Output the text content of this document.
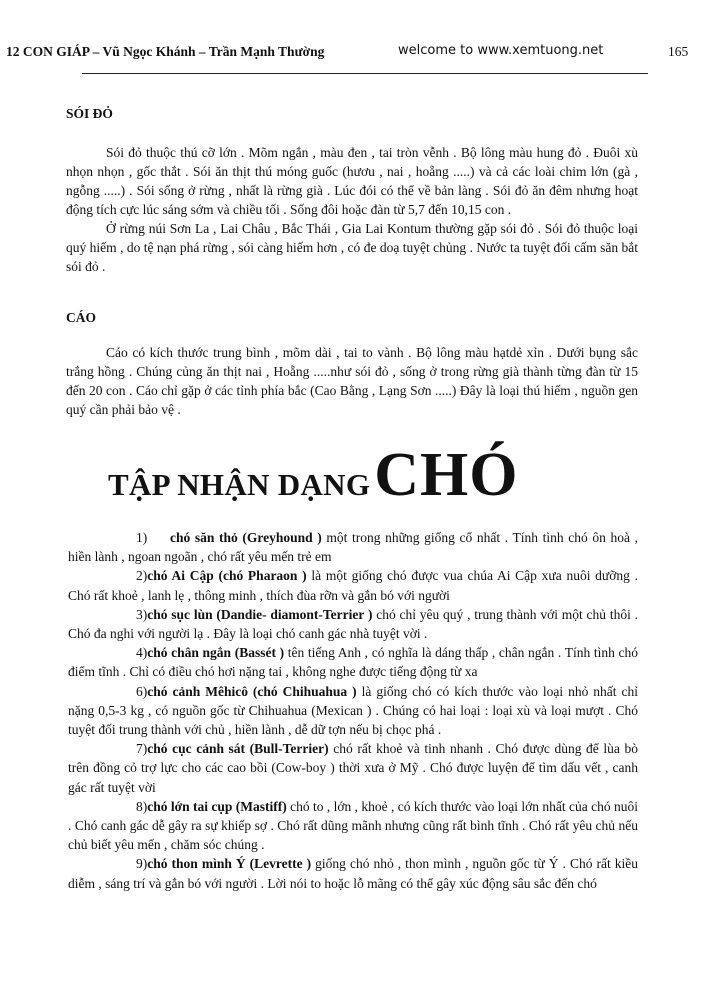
12 CON GIÁP – Vũ Ngọc Khánh – Trần Mạnh Thường	welcome to www.xemtuong.net	165

SÓI ĐỎ

Sói đỏ thuộc thú cỡ lớn . Mõm ngắn , màu đen , tai tròn vễnh . Bộ lông màu hung đỏ . Đuôi xù nhọn nhọn , gốc thắt . Sói ăn thịt thú móng guốc (hươu , nai , hoẵng .....) và cả các loài chim lớn (gà , ngỗng .....) . Sói sống ở rừng , nhất là rừng già . Lúc đói có thể về bản làng . Sói đỏ ăn đêm nhưng hoạt động tích cực lúc sáng sớm và chiều tối . Sống đôi hoặc đàn từ 5,7 đến 10,15 con .

Ở rừng núi Sơn La , Lai Châu , Bắc Thái , Gia Lai Kontum thường gặp sói đỏ . Sói đỏ thuộc loại quý hiếm , do tệ nạn phá rừng , sói càng hiếm hơn , có đe doạ tuyệt chủng . Nước ta tuyệt đối cấm săn bắt sói đỏ .

CÁO

Cáo có kích thước trung bình , mõm dài , tai to vành . Bộ lông màu hạtdẻ xỉn . Dưới bụng sắc trắng hồng . Chúng củng ăn thịt nai , Hoẵng .....như sói đỏ , sống ở trong rừng già thành từng đàn từ 15 đến 20 con . Cáo chỉ gặp ở các tỉnh phía bắc (Cao Bằng , Lạng Sơn .....) Đây là loại thú hiếm , nguồn gen quý cần phải bảo vệ .

TẬP NHẬN DẠNG CHÓ

1) chó săn thỏ (Greyhound ) một trong những giống cổ nhất . Tính tình chó ôn hoà , hiền lành , ngoan ngoãn , chó rất yêu mến trẻ em

2)chó Ai Cập (chó Pharaon ) là một giống chó được vua chúa Ai Cập xưa nuôi dưỡng . Chó rất khoẻ , lanh lẹ , thông minh , thích đùa rỡn và gắn bó với người

3)chó sục lùn (Dandie- diamont-Terrier ) chó chỉ yêu quý , trung thành với một chủ thôi . Chó đa nghi với người lạ . Đây là loại chó canh gác nhà tuyệt vời .

4)chó chân ngắn (Bassét ) tên tiếng Anh , có nghĩa là dáng thấp , chân ngắn . Tính tình chó điểm tĩnh . Chỉ có điều chó hơi nặng tai , không nghe được tiếng động từ xa

6)chó cảnh Mêhicô (chó Chihuahua ) là giống chó có kích thước vào loại nhỏ nhất chỉ nặng 0,5-3 kg , có nguồn gốc từ Chihuahua (Mexican ) . Chúng có hai loại : loại xù và loại mượt . Chó tuyệt đối trung thành với chủ , hiền lành , dễ dữ tợn nếu bị chọc phá .

7)chó cục cảnh sát (Bull-Terrier) chó rất khoẻ và tinh nhanh . Chó được dùng để lùa bò trên đồng cỏ trợ lực cho các cao bồi (Cow-boy ) thời xưa ở Mỹ . Chó được luyện để tìm dấu vết , canh gác rất tuyệt vời

8)chó lớn tai cụp (Mastiff) chó to , lớn , khoẻ , có kích thước vào loại lớn nhất của chó nuôi . Chó canh gác dễ gây ra sự khiếp sợ . Chó rất dũng mãnh nhưng cũng rất bình tĩnh . Chó rất yêu chủ nếu chủ biết yêu mến , chăm sóc chúng .

9)chó thon mình Ý (Levrette ) giống chó nhỏ , thon mình , nguồn gốc từ Ý . Chó rất kiều diễm , sáng trí và gắn bó với người . Lời nói to hoặc lỗ mãng có thể gây xúc động sâu sắc đến chó
